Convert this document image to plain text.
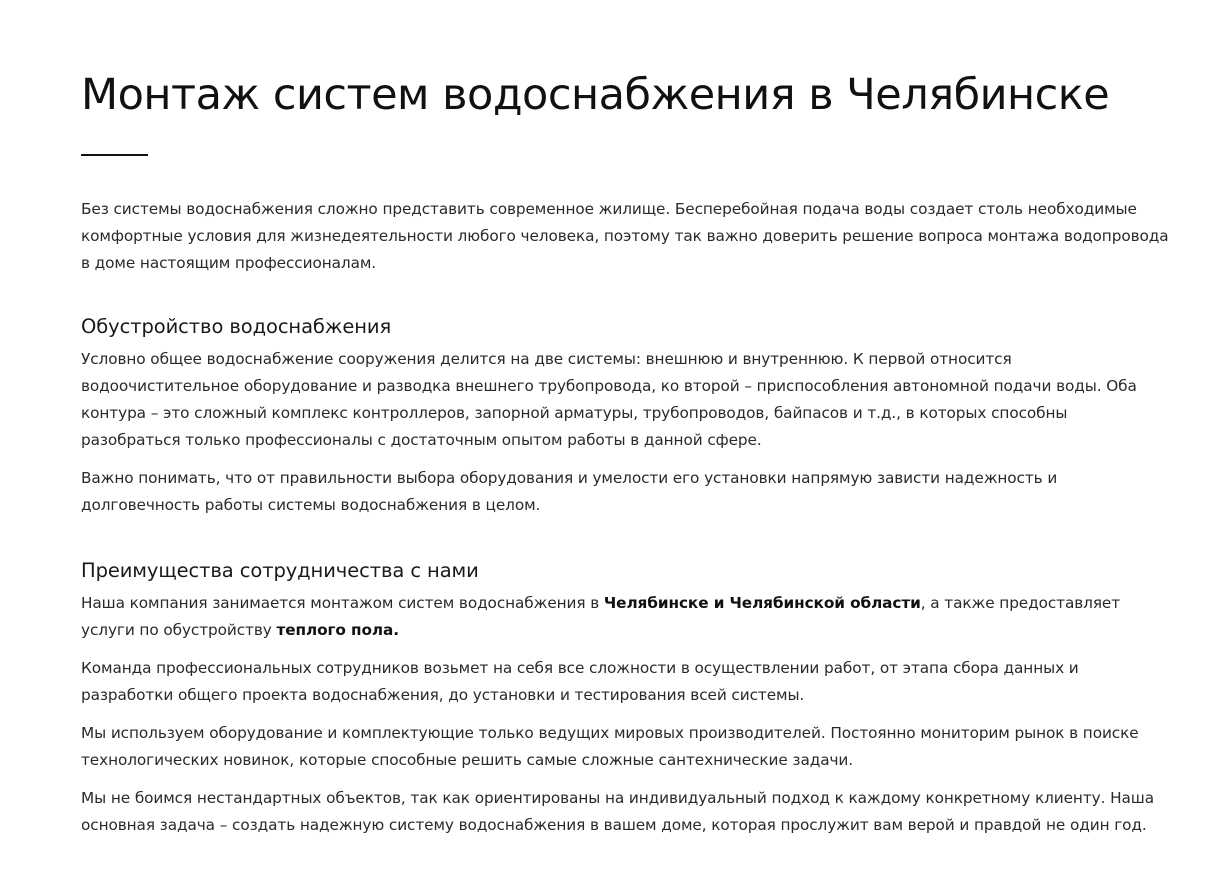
Монтаж систем водоснабжения в Челябинске

Без системы водоснабжения сложно представить современное жилище. Бесперебойная подача воды создает столь необходимые комфортные условия для жизнедеятельности любого человека, поэтому так важно доверить решение вопроса монтажа водопровода в доме настоящим профессионалам.

Обустройство водоснабжения

Условно общее водоснабжение сооружения делится на две системы: внешнюю и внутреннюю. К первой относится водоочистительное оборудование и разводка внешнего трубопровода, ко второй – приспособления автономной подачи воды. Оба контура – это сложный комплекс контроллеров, запорной арматуры, трубопроводов, байпасов и т.д., в которых способны разобраться только профессионалы с достаточным опытом работы в данной сфере.

Важно понимать, что от правильности выбора оборудования и умелости его установки напрямую зависти надежность и долговечность работы системы водоснабжения в целом.

Преимущества сотрудничества с нами

Наша компания занимается монтажом систем водоснабжения в Челябинске и Челябинской области, а также предоставляет услуги по обустройству теплого пола.

Команда профессиональных сотрудников возьмет на себя все сложности в осуществлении работ, от этапа сбора данных и разработки общего проекта водоснабжения, до установки и тестирования всей системы.

Мы используем оборудование и комплектующие только ведущих мировых производителей. Постоянно мониторим рынок в поиске технологических новинок, которые способные решить самые сложные сантехнические задачи.

Мы не боимся нестандартных объектов, так как ориентированы на индивидуальный подход к каждому конкретному клиенту. Наша основная задача – создать надежную систему водоснабжения в вашем доме, которая прослужит вам верой и правдой не один год.
